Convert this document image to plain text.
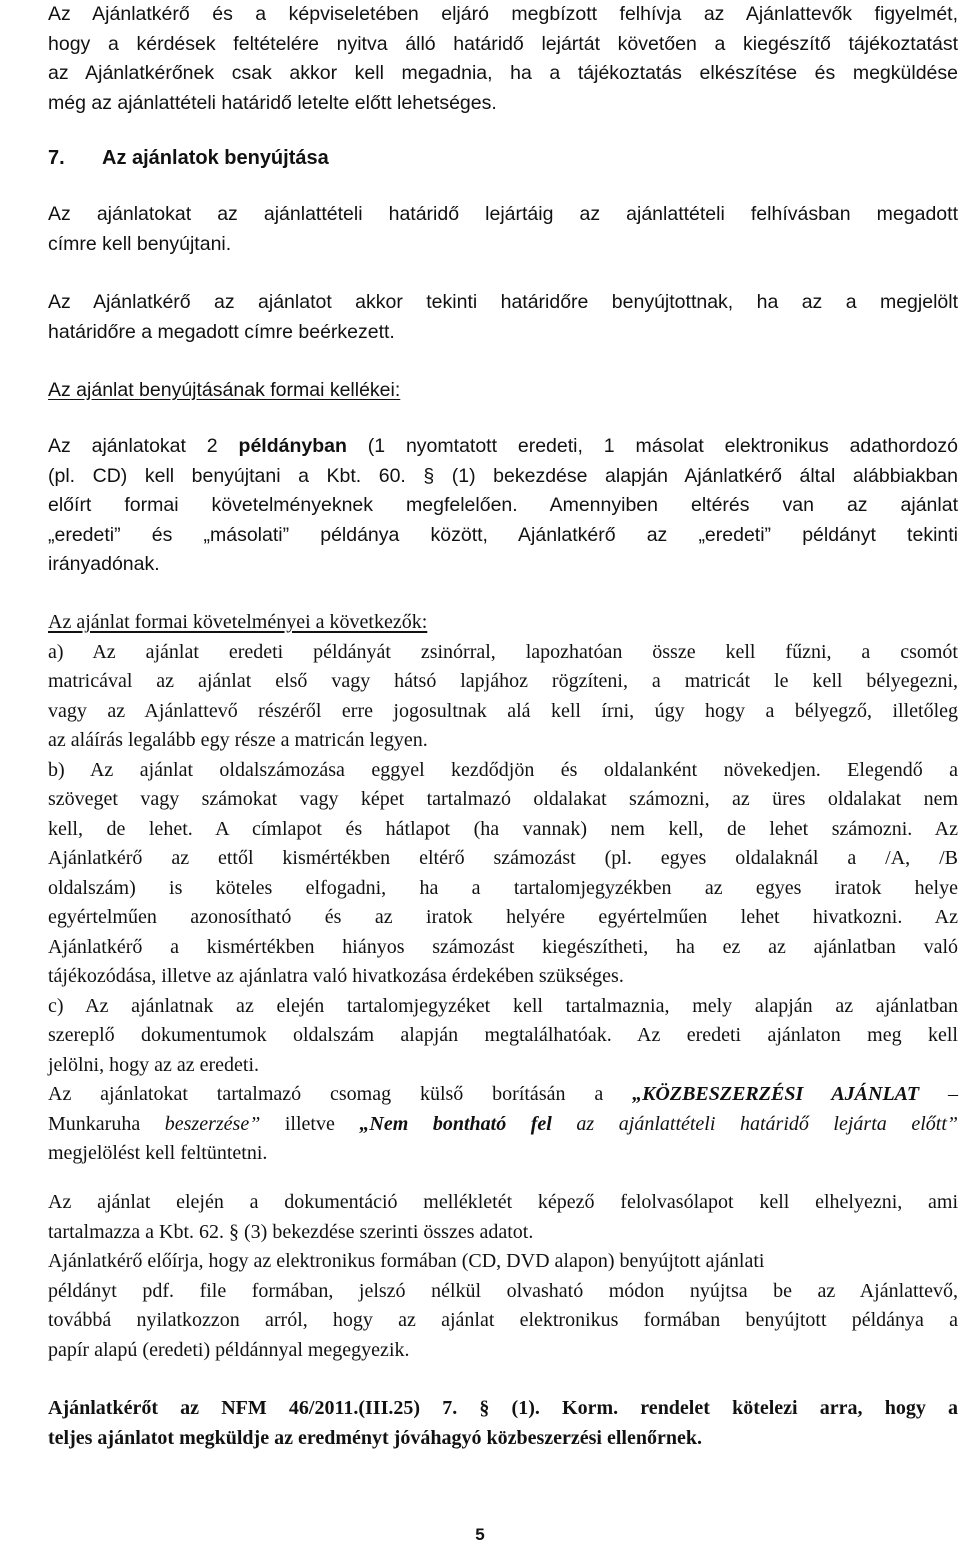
Az Ajánlatkérő és a képviseletében eljáró megbízott felhívja az Ajánlattevők figyelmét,
hogy a kérdések feltételére nyitva álló határidő lejártát követően a kiegészítő tájékoztatást
az Ajánlatkérőnek csak akkor kell megadnia, ha a tájékoztatás elkészítése és megküldése
még az ajánlattételi határidő letelte előtt lehetséges.
7. Az ajánlatok benyújtása
Az ajánlatokat az ajánlattételi határidő lejártáig az ajánlattételi felhívásban megadott
címre kell benyújtani.
Az Ajánlatkérő az ajánlatot akkor tekinti határidőre benyújtottnak, ha az a megjelölt
határidőre a megadott címre beérkezett.
Az ajánlat benyújtásának formai kellékei:
Az ajánlatokat 2 példányban (1 nyomtatott eredeti, 1 másolat elektronikus adathordozó
(pl. CD) kell benyújtani a Kbt. 60. § (1) bekezdése alapján Ajánlatkérő által alábbiakban
előírt formai követelményeknek megfelelően. Amennyiben eltérés van az ajánlat
„eredeti” és „másolati” példánya között, Ajánlatkérő az „eredeti” példányt tekinti
irányadónak.
Az ajánlat formai követelményei a következők:
a) Az ajánlat eredeti példányát zsinórral, lapozhatóan össze kell fűzni, a csomót
matricával az ajánlat első vagy hátsó lapjához rögzíteni, a matricát le kell bélyegezni,
vagy az Ajánlattevő részéről erre jogosultnak alá kell írni, úgy hogy a bélyegző, illetőleg
az aláírás legalább egy része a matricán legyen.
b) Az ajánlat oldalszámozása eggyel kezdődjön és oldalanként növekedjen. Elegendő a
szöveget vagy számokat vagy képet tartalmazó oldalakat számozni, az üres oldalakat nem
kell, de lehet. A címlapot és hátlapot (ha vannak) nem kell, de lehet számozni. Az
Ajánlatkérő az ettől kismértékben eltérő számozást (pl. egyes oldalaknál a /A, /B
oldalszám) is köteles elfogadni, ha a tartalomjegyzékben az egyes iratok helye
egyértelműen azonosítható és az iratok helyére egyértelműen lehet hivatkozni. Az
Ajánlatkérő a kismértékben hiányos számozást kiegészítheti, ha ez az ajánlatban való
tájékozódása, illetve az ajánlatra való hivatkozása érdekében szükséges.
c) Az ajánlatnak az elején tartalomjegyzéket kell tartalmaznia, mely alapján az ajánlatban
szereplő dokumentumok oldalszám alapján megtalálhatóak. Az eredeti ajánlaton meg kell
jelölni, hogy az az eredeti.
Az ajánlatokat tartalmazó csomag külső borításán a „KÖZBESZERZÉSI AJÁNLAT –
Munkaruha beszerzése” illetve „Nem bontható fel az ajánlattételi határidő lejárta előtt”
megjelölést kell feltüntetni.
Az ajánlat elején a dokumentáció mellékletét képező felolvasólapot kell elhelyezni, ami
tartalmazza a Kbt. 62. § (3) bekezdése szerinti összes adatot.
Ajánlatkérő előírja, hogy az elektronikus formában (CD, DVD alapon) benyújtott ajánlati
példányt pdf. file formában, jelszó nélkül olvasható módon nyújtsa be az Ajánlattevő,
továbbá nyilatkozzon arról, hogy az ajánlat elektronikus formában benyújtott példánya a
papír alapú (eredeti) példánnyal megegyezik.
Ajánlatkérőt az NFM 46/2011.(III.25) 7. § (1). Korm. rendelet kötelezi arra, hogy a
teljes ajánlatot megküldje az eredményt jóváhagyó közbeszerzési ellenőrnek.
5
